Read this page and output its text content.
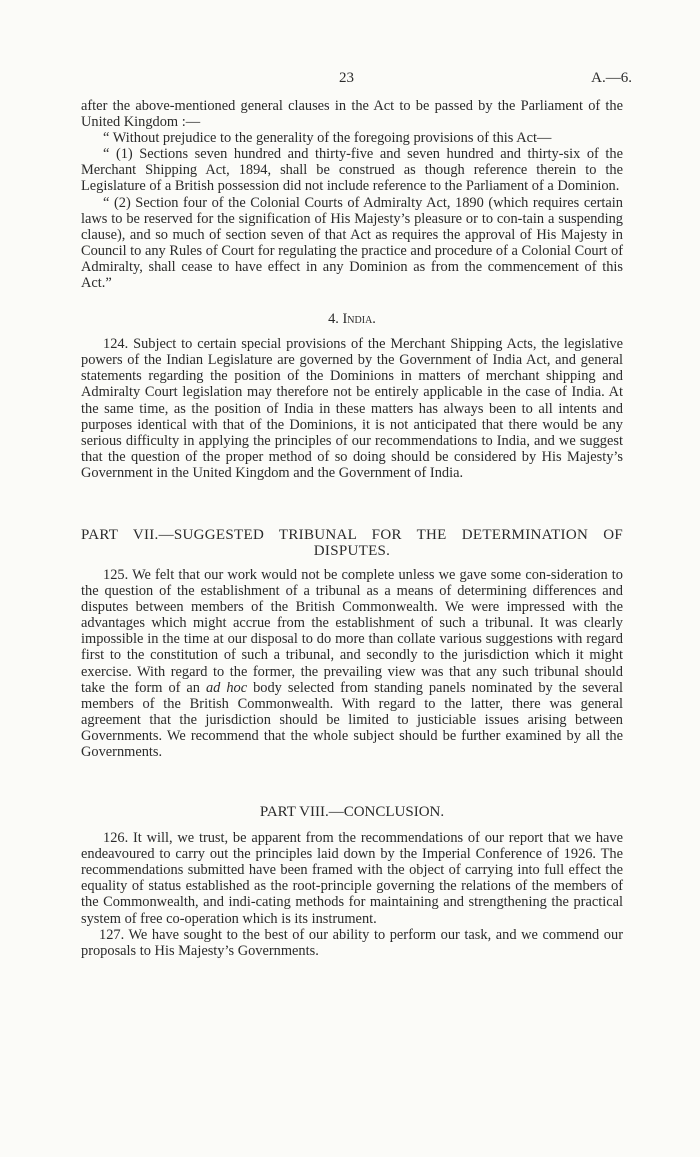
23	A.—6.

after the above-mentioned general clauses in the Act to be passed by the Parliament of the United Kingdom :—

“ Without prejudice to the generality of the foregoing provisions of this Act—

“ (1) Sections seven hundred and thirty-five and seven hundred and thirty-six of the Merchant Shipping Act, 1894, shall be construed as though reference therein to the Legislature of a British possession did not include reference to the Parliament of a Dominion.

“ (2) Section four of the Colonial Courts of Admiralty Act, 1890 (which requires certain laws to be reserved for the signification of His Majesty’s pleasure or to con-tain a suspending clause), and so much of section seven of that Act as requires the approval of His Majesty in Council to any Rules of Court for regulating the practice and procedure of a Colonial Court of Admiralty, shall cease to have effect in any Dominion as from the commencement of this Act.”

4. India.

124. Subject to certain special provisions of the Merchant Shipping Acts, the legislative powers of the Indian Legislature are governed by the Government of India Act, and general statements regarding the position of the Dominions in matters of merchant shipping and Admiralty Court legislation may therefore not be entirely applicable in the case of India. At the same time, as the position of India in these matters has always been to all intents and purposes identical with that of the Dominions, it is not anticipated that there would be any serious difficulty in applying the principles of our recommendations to India, and we suggest that the question of the proper method of so doing should be considered by His Majesty’s Government in the United Kingdom and the Government of India.

PART VII.—SUGGESTED TRIBUNAL FOR THE DETERMINATION OF
DISPUTES.

125. We felt that our work would not be complete unless we gave some con-sideration to the question of the establishment of a tribunal as a means of determining differences and disputes between members of the British Commonwealth. We were impressed with the advantages which might accrue from the establishment of such a tribunal. It was clearly impossible in the time at our disposal to do more than collate various suggestions with regard first to the constitution of such a tribunal, and secondly to the jurisdiction which it might exercise. With regard to the former, the prevailing view was that any such tribunal should take the form of an ad hoc body selected from standing panels nominated by the several members of the British Commonwealth. With regard to the latter, there was general agreement that the jurisdiction should be limited to justiciable issues arising between Governments. We recommend that the whole subject should be further examined by all the Governments.

PART VIII.—CONCLUSION.

126. It will, we trust, be apparent from the recommendations of our report that we have endeavoured to carry out the principles laid down by the Imperial Conference of 1926. The recommendations submitted have been framed with the object of carrying into full effect the equality of status established as the root-principle governing the relations of the members of the Commonwealth, and indi-cating methods for maintaining and strengthening the practical system of free co-operation which is its instrument.

127. We have sought to the best of our ability to perform our task, and we commend our proposals to His Majesty’s Governments.
